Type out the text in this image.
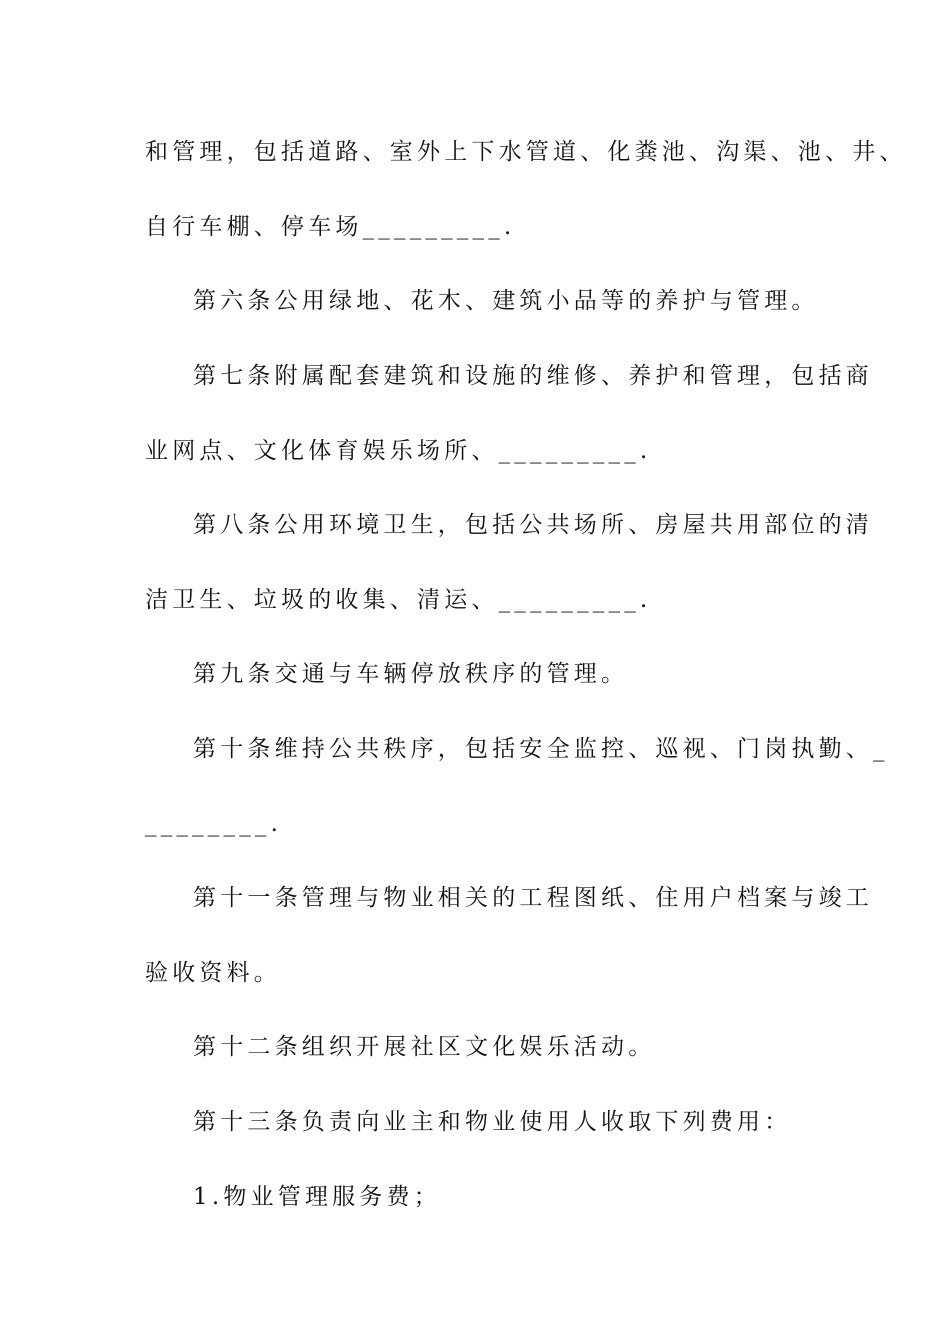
和管理，包括道路、室外上下水管道、化粪池、沟渠、池、井、
自行车棚、停车场_________.
第六条公用绿地、花木、建筑小品等的养护与管理。
第七条附属配套建筑和设施的维修、养护和管理，包括商
业网点、文化体育娱乐场所、_________.
第八条公用环境卫生，包括公共场所、房屋共用部位的清
洁卫生、垃圾的收集、清运、_________.
第九条交通与车辆停放秩序的管理。
第十条维持公共秩序，包括安全监控、巡视、门岗执勤、_
________.
第十一条管理与物业相关的工程图纸、住用户档案与竣工
验收资料。
第十二条组织开展社区文化娱乐活动。
第十三条负责向业主和物业使用人收取下列费用：
1.物业管理服务费；
